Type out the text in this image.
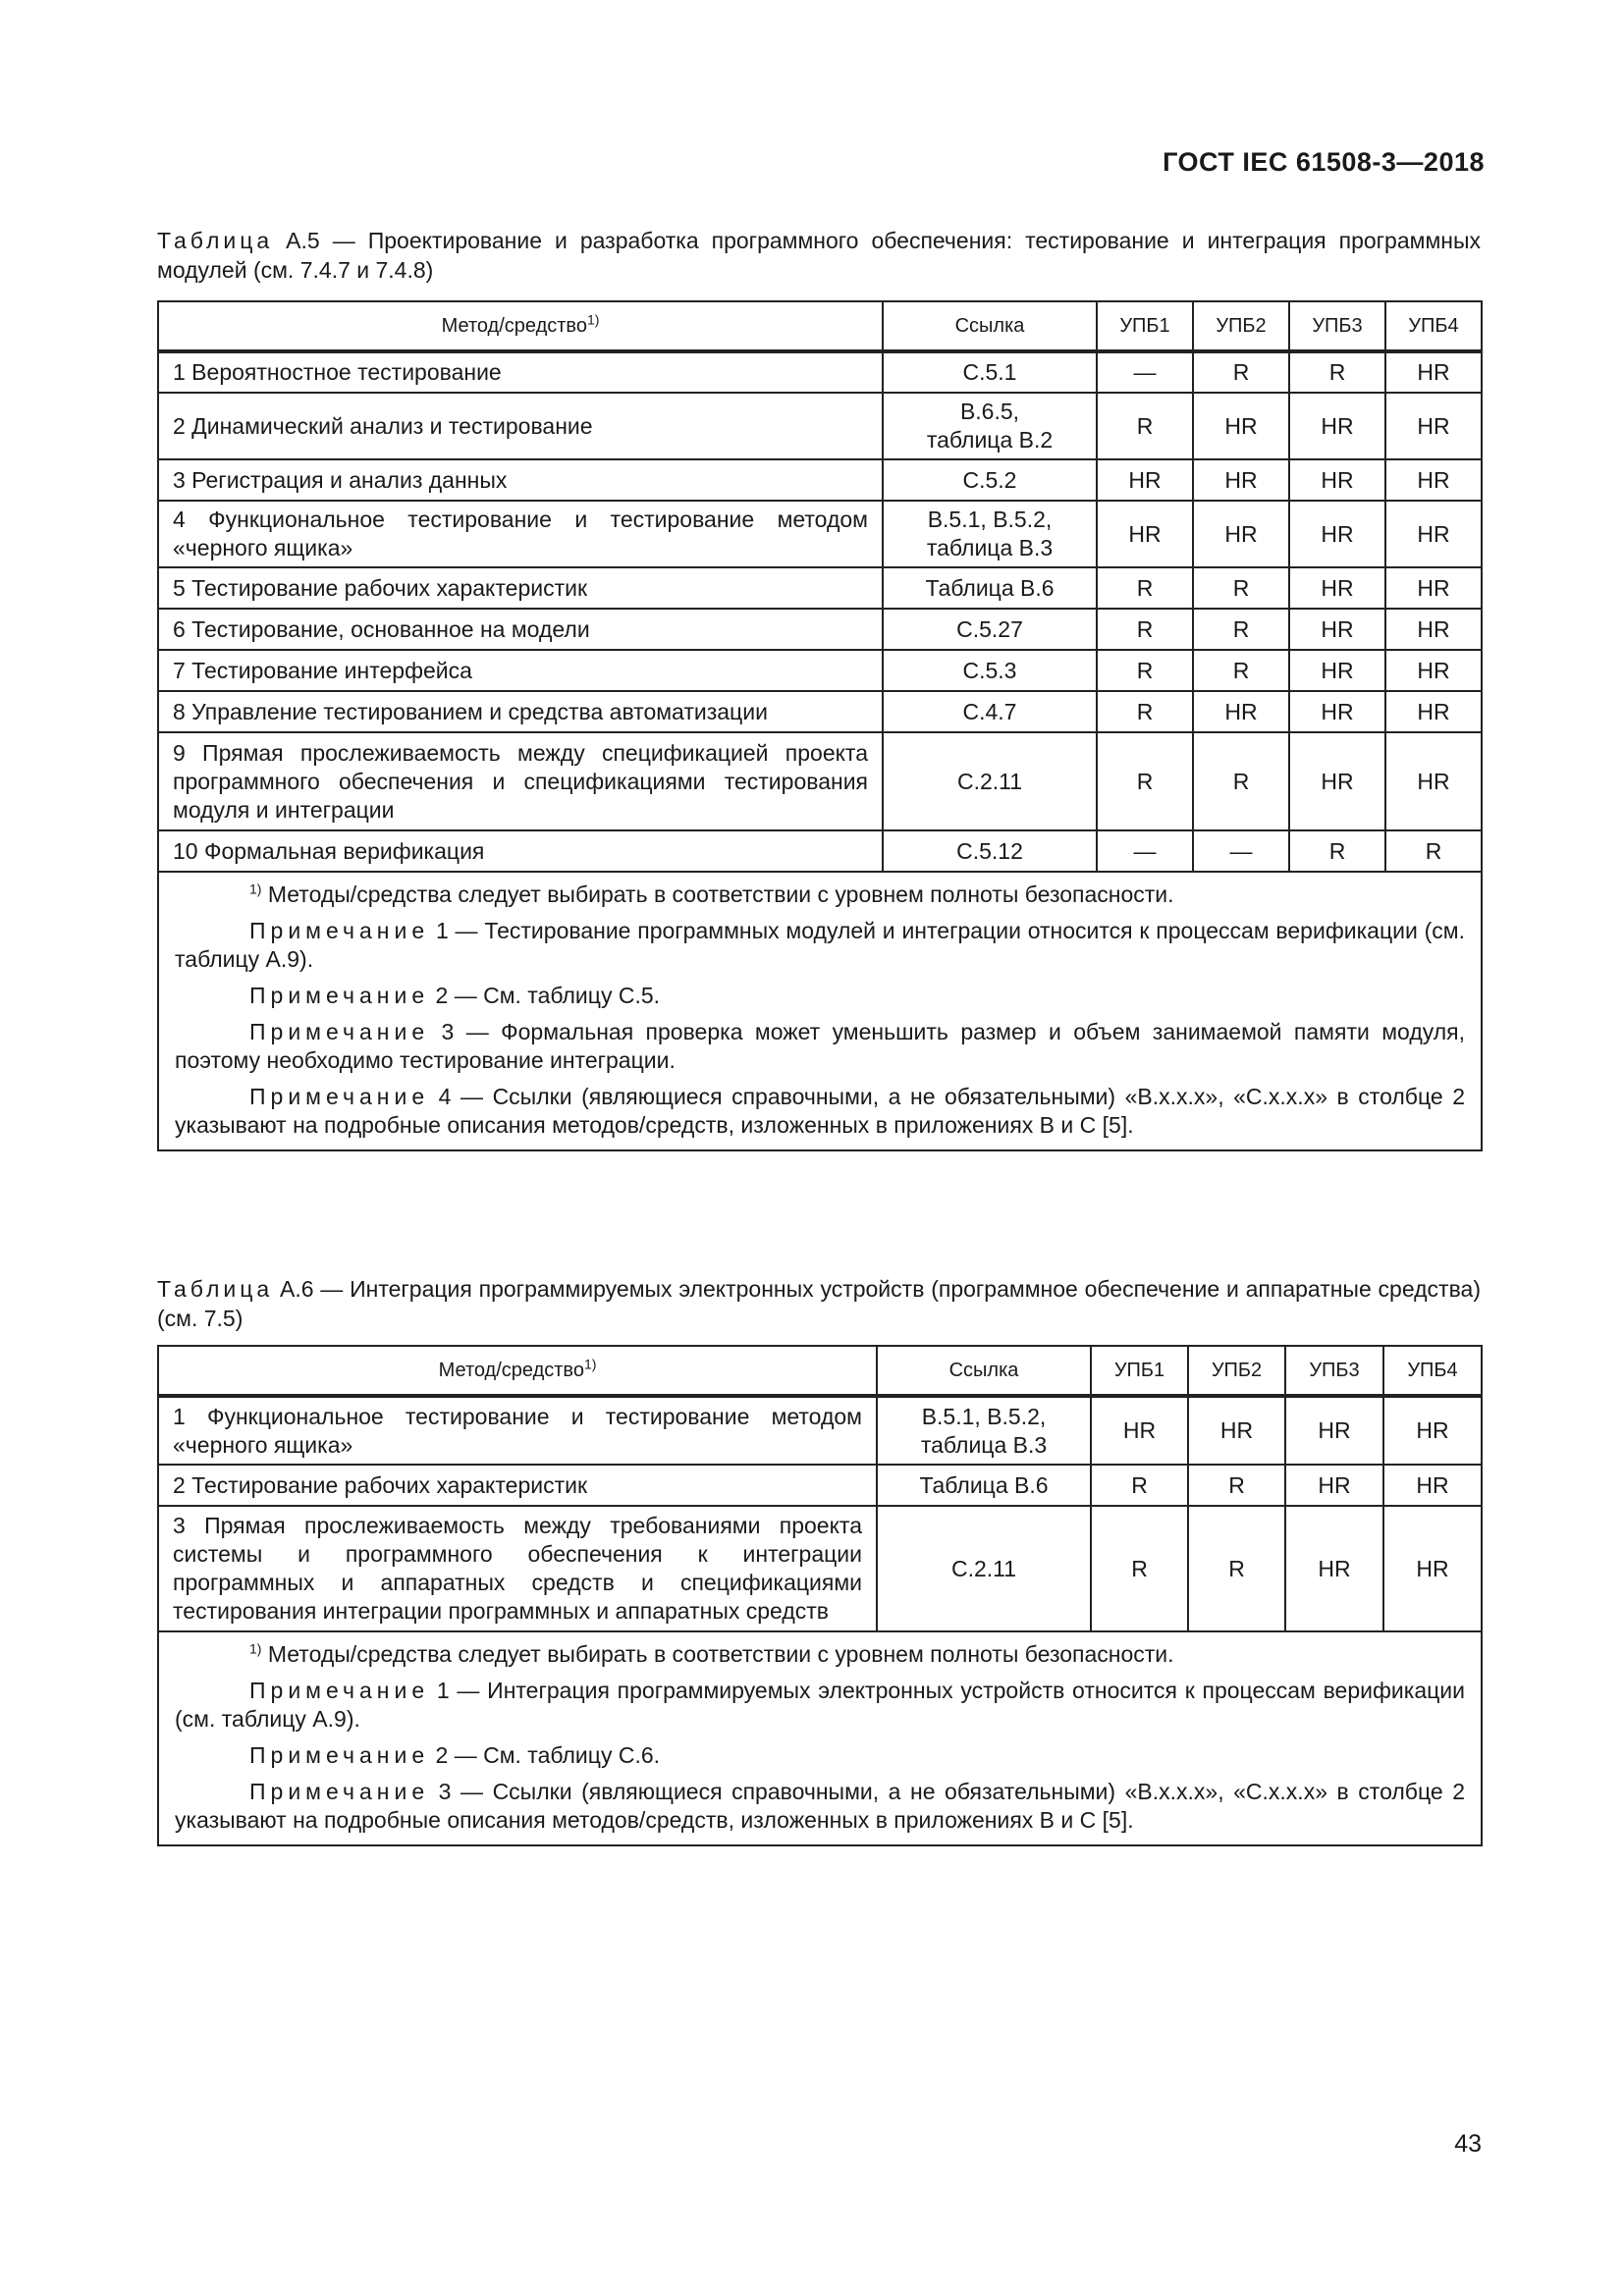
ГОСТ IEC 61508-3—2018
Таблица А.5 — Проектирование и разработка программного обеспечения: тестирование и интеграция программных модулей (см. 7.4.7 и 7.4.8)
Метод/средство$^{1)}$	Ссылка	УПБ1	УПБ2	УПБ3	УПБ4
1 Вероятностное тестирование	С.5.1	—	R	R	HR
2 Динамический анализ и тестирование	В.6.5,
таблица В.2	R	HR	HR	HR
3 Регистрация и анализ данных	С.5.2	HR	HR	HR	HR
4 Функциональное тестирование и тестирование методом «черного ящика»	В.5.1, В.5.2,
таблица В.3	HR	HR	HR	HR
5 Тестирование рабочих характеристик	Таблица В.6	R	R	HR	HR
6 Тестирование, основанное на модели	С.5.27	R	R	HR	HR
7 Тестирование интерфейса	С.5.3	R	R	HR	HR
8 Управление тестированием и средства автоматизации	С.4.7	R	HR	HR	HR
9 Прямая прослеживаемость между спецификацией проекта программного обеспечения и спецификациями тестирования модуля и интеграции	С.2.11	R	R	HR	HR
10 Формальная верификация	С.5.12	—	—	R	R

$^{1)}$ Методы/средства следует выбирать в соответствии с уровнем полноты безопасности.
Примечание 1 — Тестирование программных модулей и интеграции относится к процессам верификации (см. таблицу А.9).
Примечание 2 — См. таблицу С.5.
Примечание 3 — Формальная проверка может уменьшить размер и объем занимаемой памяти модуля, поэтому необходимо тестирование интеграции.
Примечание 4 — Ссылки (являющиеся справочными, а не обязательными) «В.х.х.х», «С.х.х.х» в столбце 2 указывают на подробные описания методов/средств, изложенных в приложениях В и С [5].					
Таблица А.6 — Интеграция программируемых электронных устройств (программное обеспечение и аппаратные средства) (см. 7.5)
Метод/средство$^{1)}$	Ссылка	УПБ1	УПБ2	УПБ3	УПБ4
1 Функциональное тестирование и тестирование методом «черного ящика»	В.5.1, В.5.2,
таблица В.3	HR	HR	HR	HR
2 Тестирование рабочих характеристик	Таблица В.6	R	R	HR	HR
3 Прямая прослеживаемость между требованиями проекта системы и программного обеспечения к интеграции программных и аппаратных средств и спецификациями тестирования интеграции программных и аппаратных средств	С.2.11	R	R	HR	HR

$^{1)}$ Методы/средства следует выбирать в соответствии с уровнем полноты безопасности.
Примечание 1 — Интеграция программируемых электронных устройств относится к процессам верификации (см. таблицу А.9).
Примечание 2 — См. таблицу С.6.
Примечание 3 — Ссылки (являющиеся справочными, а не обязательными) «В.х.х.х», «С.х.х.х» в столбце 2 указывают на подробные описания методов/средств, изложенных в приложениях В и С [5].					
43
